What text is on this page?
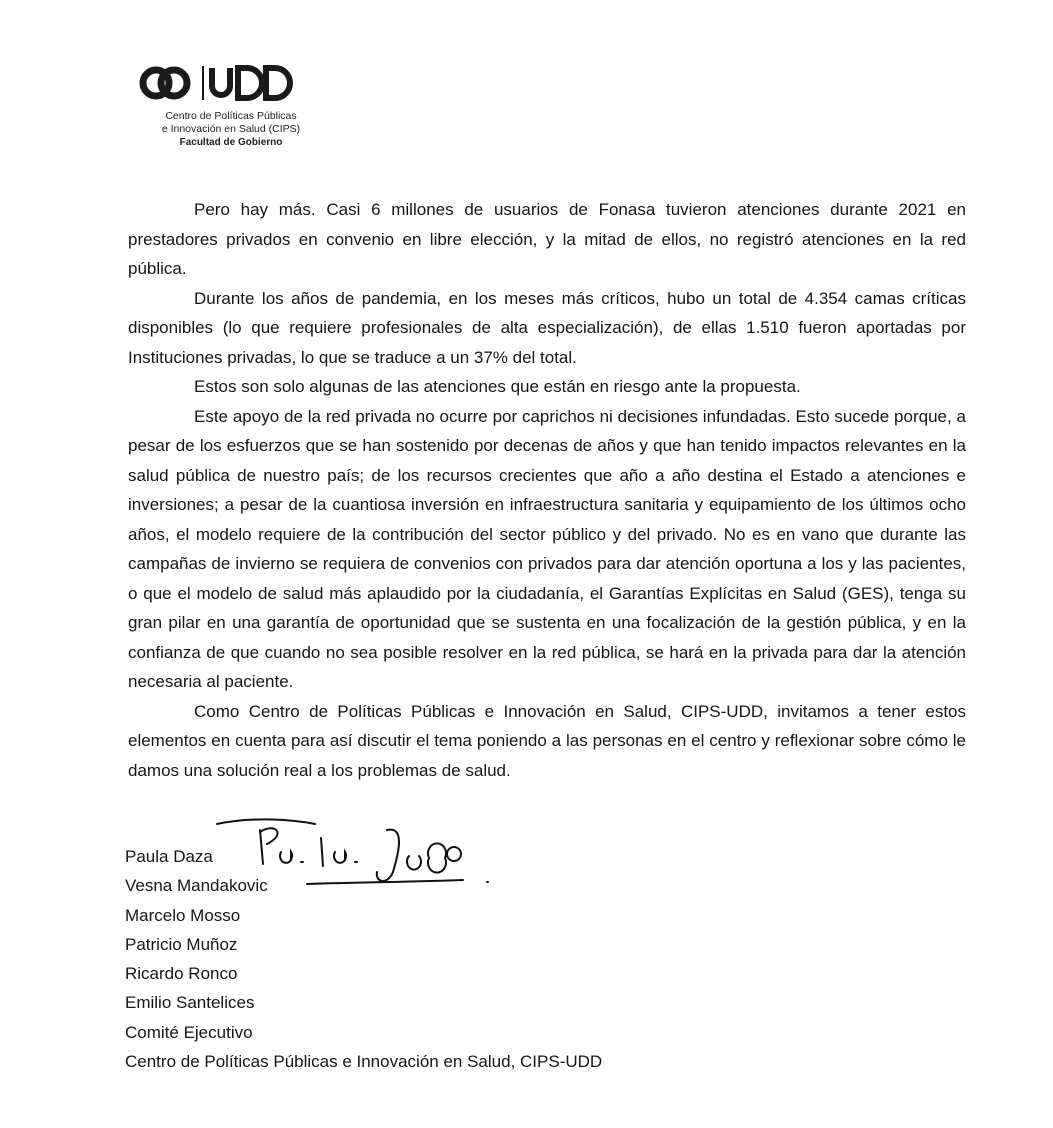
Centro de Políticas Públicas
e Innovación en Salud (CIPS)
Facultad de Gobierno

Pero hay más. Casi 6 millones de usuarios de Fonasa tuvieron atenciones durante 2021 en prestadores privados en convenio en libre elección, y la mitad de ellos, no registró atenciones en la red pública.

Durante los años de pandemia, en los meses más críticos, hubo un total de 4.354 camas críticas disponibles (lo que requiere profesionales de alta especialización), de ellas 1.510 fueron aportadas por Instituciones privadas, lo que se traduce a un 37% del total.

Estos son solo algunas de las atenciones que están en riesgo ante la propuesta.

Este apoyo de la red privada no ocurre por caprichos ni decisiones infundadas. Esto sucede porque, a pesar de los esfuerzos que se han sostenido por decenas de años y que han tenido impactos relevantes en la salud pública de nuestro país; de los recursos crecientes que año a año destina el Estado a atenciones e inversiones; a pesar de la cuantiosa inversión en infraestructura sanitaria y equipamiento de los últimos ocho años, el modelo requiere de la contribución del sector público y del privado. No es en vano que durante las campañas de invierno se requiera de convenios con privados para dar atención oportuna a los y las pacientes, o que el modelo de salud más aplaudido por la ciudadanía, el Garantías Explícitas en Salud (GES), tenga su gran pilar en una garantía de oportunidad que se sustenta en una focalización de la gestión pública, y en la confianza de que cuando no sea posible resolver en la red pública, se hará en la privada para dar la atención necesaria al paciente.

Como Centro de Políticas Públicas e Innovación en Salud, CIPS-UDD, invitamos a tener estos elementos en cuenta para así discutir el tema poniendo a las personas en el centro y reflexionar sobre cómo le damos una solución real a los problemas de salud.

Paula Daza
Vesna Mandakovic
Marcelo Mosso
Patricio Muñoz
Ricardo Ronco
Emilio Santelices
Comité Ejecutivo
Centro de Políticas Públicas e Innovación en Salud, CIPS-UDD
